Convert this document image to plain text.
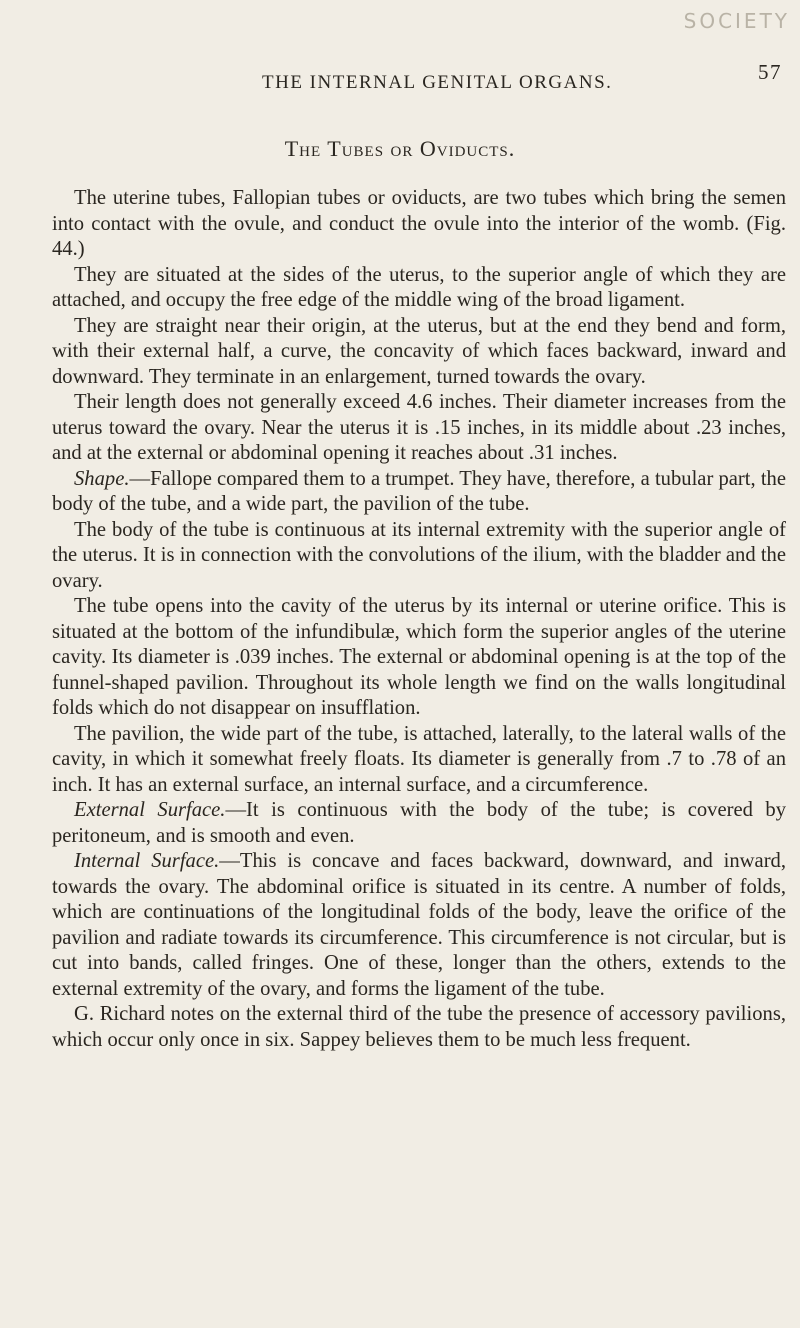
SOCIETY
THE INTERNAL GENITAL ORGANS.	57
The Tubes or Oviducts.

The uterine tubes, Fallopian tubes or oviducts, are two tubes which bring the semen into contact with the ovule, and conduct the ovule into the interior of the womb. (Fig. 44.)

They are situated at the sides of the uterus, to the superior angle of which they are attached, and occupy the free edge of the middle wing of the broad ligament.

They are straight near their origin, at the uterus, but at the end they bend and form, with their external half, a curve, the concavity of which faces backward, inward and downward. They terminate in an enlargement, turned towards the ovary.

Their length does not generally exceed 4.6 inches. Their diameter increases from the uterus toward the ovary. Near the uterus it is .15 inches, in its middle about .23 inches, and at the external or abdominal opening it reaches about .31 inches.

Shape.—Fallope compared them to a trumpet. They have, therefore, a tubular part, the body of the tube, and a wide part, the pavilion of the tube.

The body of the tube is continuous at its internal extremity with the superior angle of the uterus. It is in connection with the convolutions of the ilium, with the bladder and the ovary.

The tube opens into the cavity of the uterus by its internal or uterine orifice. This is situated at the bottom of the infundibulæ, which form the superior angles of the uterine cavity. Its diameter is .039 inches. The external or abdominal opening is at the top of the funnel-shaped pavilion. Throughout its whole length we find on the walls longitudinal folds which do not disappear on insufflation.

The pavilion, the wide part of the tube, is attached, laterally, to the lateral walls of the cavity, in which it somewhat freely floats. Its diameter is generally from .7 to .78 of an inch. It has an external surface, an internal surface, and a circumference.

External Surface.—It is continuous with the body of the tube; is covered by peritoneum, and is smooth and even.

Internal Surface.—This is concave and faces backward, downward, and inward, towards the ovary. The abdominal orifice is situated in its centre. A number of folds, which are continuations of the longitudinal folds of the body, leave the orifice of the pavilion and radiate towards its circumference. This circumference is not circular, but is cut into bands, called fringes. One of these, longer than the others, extends to the external extremity of the ovary, and forms the ligament of the tube.

G. Richard notes on the external third of the tube the presence of accessory pavilions, which occur only once in six. Sappey believes them to be much less frequent.
